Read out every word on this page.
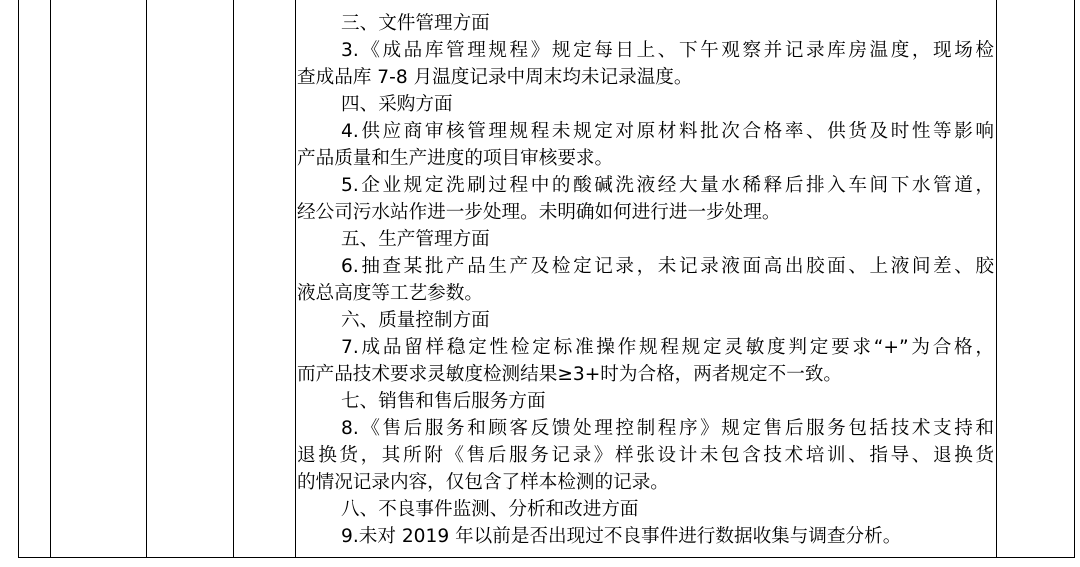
三、文件管理方面
3.《成品库管理规程》规定每日上、下午观察并记录库房温度，现场检
查成品库 7-8 月温度记录中周末均未记录温度。
四、采购方面
4.供应商审核管理规程未规定对原材料批次合格率、供货及时性等影响
产品质量和生产进度的项目审核要求。
5.企业规定洗刷过程中的酸碱洗液经大量水稀释后排入车间下水管道，
经公司污水站作进一步处理。未明确如何进行进一步处理。
五、生产管理方面
6.抽查某批产品生产及检定记录，未记录液面高出胶面、上液间差、胶
液总高度等工艺参数。
六、质量控制方面
7.成品留样稳定性检定标准操作规程规定灵敏度判定要求“+”为合格，
而产品技术要求灵敏度检测结果≥3+时为合格，两者规定不一致。
七、销售和售后服务方面
8.《售后服务和顾客反馈处理控制程序》规定售后服务包括技术支持和
退换货，其所附《售后服务记录》样张设计未包含技术培训、指导、退换货
的情况记录内容，仅包含了样本检测的记录。
八、不良事件监测、分析和改进方面
9.未对 2019 年以前是否出现过不良事件进行数据收集与调查分析。
